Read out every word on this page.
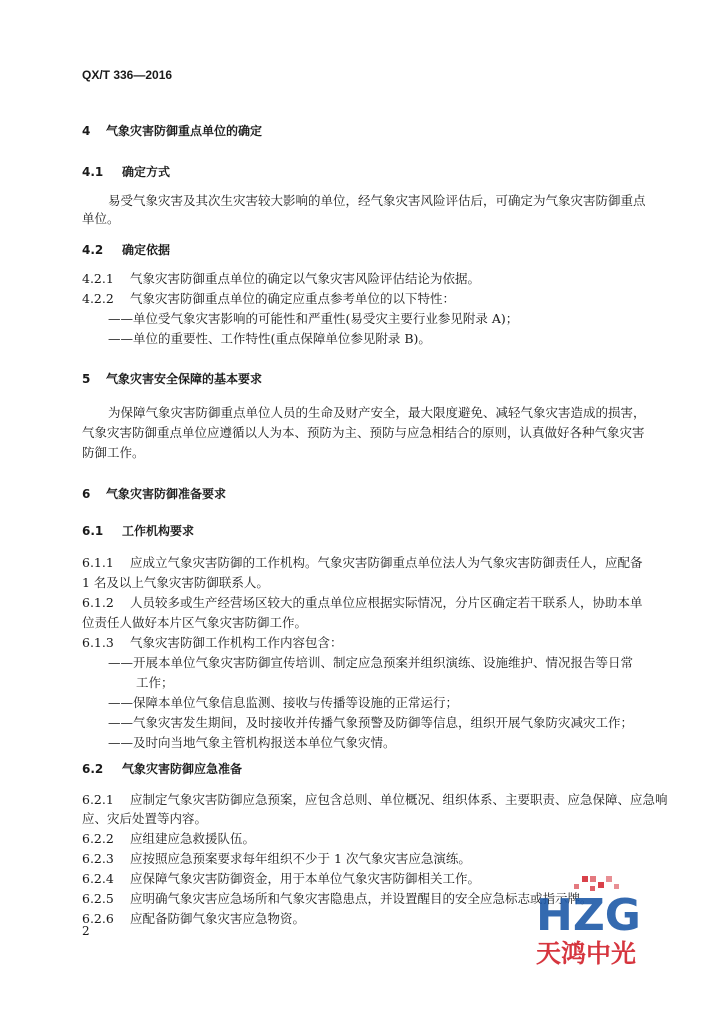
QX/T 336—2016
4 气象灾害防御重点单位的确定
4.1 确定方式
易受气象灾害及其次生灾害较大影响的单位，经气象灾害风险评估后，可确定为气象灾害防御重点
单位。
4.2 确定依据
4.2.1 气象灾害防御重点单位的确定以气象灾害风险评估结论为依据。
4.2.2 气象灾害防御重点单位的确定应重点参考单位的以下特性：
——单位受气象灾害影响的可能性和严重性(易受灾主要行业参见附录 A)；
——单位的重要性、工作特性(重点保障单位参见附录 B)。
5 气象灾害安全保障的基本要求
为保障气象灾害防御重点单位人员的生命及财产安全，最大限度避免、减轻气象灾害造成的损害，
气象灾害防御重点单位应遵循以人为本、预防为主、预防与应急相结合的原则，认真做好各种气象灾害
防御工作。
6 气象灾害防御准备要求
6.1 工作机构要求
6.1.1 应成立气象灾害防御的工作机构。气象灾害防御重点单位法人为气象灾害防御责任人，应配备
1 名及以上气象灾害防御联系人。
6.1.2 人员较多或生产经营场区较大的重点单位应根据实际情况，分片区确定若干联系人，协助本单
位责任人做好本片区气象灾害防御工作。
6.1.3 气象灾害防御工作机构工作内容包含：
——开展本单位气象灾害防御宣传培训、制定应急预案并组织演练、设施维护、情况报告等日常
工作；
——保障本单位气象信息监测、接收与传播等设施的正常运行；
——气象灾害发生期间，及时接收并传播气象预警及防御等信息，组织开展气象防灾减灾工作；
——及时向当地气象主管机构报送本单位气象灾情。
6.2 气象灾害防御应急准备
6.2.1 应制定气象灾害防御应急预案，应包含总则、单位概况、组织体系、主要职责、应急保障、应急响
应、灾后处置等内容。
6.2.2 应组建应急救援队伍。
6.2.3 应按照应急预案要求每年组织不少于 1 次气象灾害应急演练。
6.2.4 应保障气象灾害防御资金，用于本单位气象灾害防御相关工作。
6.2.5 应明确气象灾害应急场所和气象灾害隐患点，并设置醒目的安全应急标志或指示牌。
6.2.6 应配备防御气象灾害应急物资。
2	HZG
天鸿中光
